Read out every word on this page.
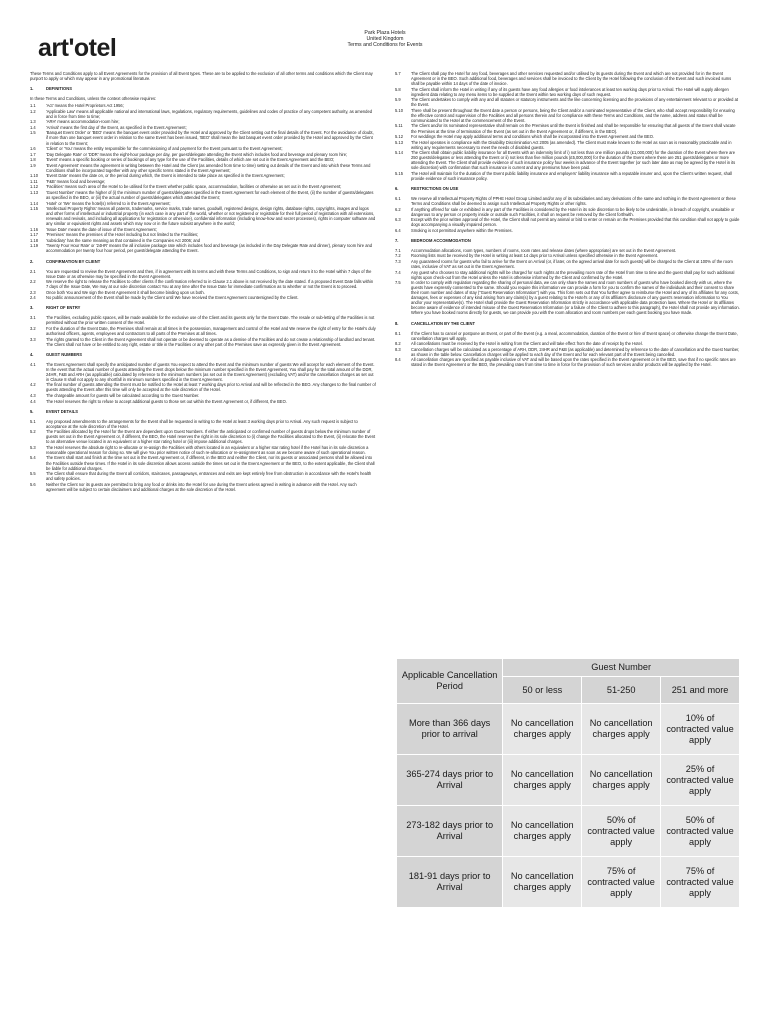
art'otel
Park Plaza Hotels
United Kingdom
Terms and Conditions for Events
These Terms and Conditions apply to all Event Agreements for the provision of all Event types. These are to be applied to the exclusion of all other terms and conditions which the Client may purport to apply or which may appear in any promotional literature.
1.	DEFINITIONS
In these Terms and Conditions, unless the context otherwise requires:
1.1	'Act' means the Hotel Proprietors Act 1956;
1.2	'Applicable Law' means all applicable national and international laws, regulations, regulatory requirements, guidelines and codes of practice of any competent authority, as amended and in force from time to time;
1.3	'ARH' means accommodation-room hire;
1.4	'Arrival' means the first day of the Event, as specified in the Event Agreement;
1.5	'Banquet Event Order' or 'BEO' means the banquet event order provided by the Hotel and approved by the Client setting out the final details of the Event. For the avoidance of doubt, if more than one banquet event order in relation to the same Event has been issued, 'BEO' shall mean the last banquet event order provided by the Hotel and approved by the Client in relation to the Event;
1.6	'Client' or 'You' means the entity responsible for the commissioning of and payment for the Event pursuant to the Event Agreement;
1.7	'Day Delegate Rate' or 'DDR' means the eight-hour package per day, per guest/delegate attending the Event which includes food and beverage and plenary room hire;
1.8	'Event' means a specific booking or series of bookings of any type for the use of the Facilities, details of which are set out in the Event Agreement and the BEO;
1.9	'Event Agreement' means the agreement in writing between the Hotel and the Client (as amended from time to time) setting out details of the Event and into which these Terms and Conditions shall be incorporated together with any other specific terms stated in the Event Agreement;
1.10	'Event Date' means the date on, or the period during which, the Event is intended to take place as specified in the Event Agreement;
1.11	'F&B' means food and beverage;
1.12	'Facilities' means such area of the Hotel to be utilised for the Event whether public space, accommodation, facilities or otherwise as set out in the Event Agreement;
1.13	'Guest Number' means the higher of (i) the minimum number of guests/delegates specified in the Event Agreement for each element of the Event, (ii) the number of guests/delegates as specified in the BEO, or (iii) the actual number of guests/delegates which attended the Event;
1.14	'Hotel' or 'We' means the hotel(s) referred to in the Event Agreement;
1.15	'Intellectual Property Rights' means all patents, trademarks, service marks, trade names, goodwill, registered designs, design rights, database rights, copyrights, images and logos and other forms of intellectual or industrial property (in each case in any part of the world, whether or not registered or registrable for their full period of registration with all extensions, renewals and revivals, and including all applications for registration or otherwise), confidential information (including know-how and secret processes), rights in computer software and any similar or equivalent rights and assets which may now or in the future subsist anywhere in the world;
1.16	'Issue Date' means the date of issue of the Event Agreement;
1.17	'Premises' means the premises of the Hotel including but not limited to the Facilities;
1.18	'subsidiary' has the same meaning as that contained in the Companies Act 2006; and
1.19	'Twenty Four Hour Rate' or '24HR' means the all inclusive package rate which includes food and beverage (as included in the Day Delegate Rate and dinner), plenary room hire and accommodation per twenty four hour period, per guest/delegate attending the Event.
2.	CONFIRMATION BY CLIENT
2.1	You are requested to review the Event Agreement and then, if in agreement with its terms and with these Terms and Conditions, to sign and return it to the Hotel within 7 days of the Issue Date or as otherwise may be specified in the Event Agreement.
2.2	We reserve the right to release the Facilities to other clients if the confirmation referred to in Clause 2.1 above is not received by the date stated. If a proposed Event Date falls within 7 days of the Issue Date, We may at our sole discretion contact You at any time after the Issue Date for immediate confirmation as to whether or not the Event is to proceed.
2.3	Once both You and We sign the Event Agreement it shall become binding upon us both.
2.4	No public announcement of the Event shall be made by the Client until We have received the Event Agreement countersigned by the Client.
3.	RIGHT OF ENTRY
3.1	The Facilities, excluding public spaces, will be made available for the exclusive use of the Client and its guests only for the Event Date. The resale or sub-letting of the Facilities is not permitted without the prior written consent of the Hotel.
3.2	For the duration of the Event Date, the Premises shall remain at all times in the possession, management and control of the Hotel and We reserve the right of entry for the Hotel's duly authorised officers, agents, employees and contractors to all parts of the Premises at all times.
3.3	The rights granted to the Client in the Event Agreement shall not operate or be deemed to operate as a demise of the Facilities and do not create a relationship of landlord and tenant. The Client shall not have or be entitled to any right, estate or title in the Facilities or any other part of the Premises save as expressly given in the Event Agreement.
4.	GUEST NUMBERS
4.1	The Event Agreement shall specify the anticipated number of guests You expect to attend the Event and the minimum number of guests We will accept for each element of the Event. In the event that the actual number of guests attending the Event drops below the minimum number specified in the Event Agreement, You shall pay for the total amount of the DDR, 24HR, F&B and ARH (as applicable) calculated by reference to the minimum numbers (as set out in the Event Agreement) (excluding VAT) and/or the cancellation charges as set out in Clause 8 shall not apply to any shortfall in minimum numbers specified in the Event Agreement.
4.2	The final number of guests attending the Event must be notified to the Hotel at least 7 working days prior to Arrival and will be reflected in the BEO. Any changes to the final number of guests attending the Event after this time will only be accepted at the sole discretion of the Hotel.
4.3	The chargeable amount for guests will be calculated according to the Guest Number.
4.4	The Hotel reserves the right to refuse to accept additional guests to those set out within the Event Agreement or, if different, the BEO.
5.	EVENT DETAILS
5.1	Any proposed amendments to the arrangements for the Event shall be requested in writing to the Hotel at least 3 working days prior to Arrival. Any such request is subject to acceptance at the sole discretion of the Hotel.
5.2	The Facilities allocated by the Hotel for the Event are dependent upon Guest Numbers. If either the anticipated or confirmed number of guests drops below the minimum number of guests set out in the Event Agreement or, if different, the BEO, the Hotel reserves the right in its sole discretion to (i) change the Facilities allocated to the Event, (ii) relocate the Event to an alternative venue located in an equivalent or a higher star rating hotel or (iii) impose additional charges.
5.3	The Hotel reserves the absolute right to re-allocate or re-assign the Facilities with others located in an equivalent or a higher star rating hotel if the Hotel has in its sole discretion a reasonable operational reason for doing so. We will give You prior written notice of such re-allocation or re-assignment as soon as we become aware of such operational reason.
5.4	The Event shall start and finish at the time set out in the Event Agreement or, if different, in the BEO and neither the Client, nor its guests or associated persons shall be allowed into the Facilities outside these times. If the Hotel in its sole discretion allows access outside the times set out in the Event Agreement or the BEO, to the extent applicable, the Client shall be liable for additional charges.
5.5	The Client shall ensure that during the Event all corridors, staircases, passageways, entrances and exits are kept entirely free from obstruction in accordance with the Hotel's health and safety policies.
5.6	Neither the Client nor its guests are permitted to bring any food or drinks into the Hotel for use during the Event unless agreed in writing in advance with the Hotel. Any such agreement will be subject to certain disclaimers and additional charges at the sole discretion of the Hotel.
5.7	The Client shall pay the Hotel for any food, beverages and other services requested and/or utilised by its guests during the Event and which are not provided for in the Event Agreement or in the BEO. Such additional food, beverages and services shall be invoiced to the Client by the Hotel following the conclusion of the Event and such invoiced sums shall be payable within 14 days of the date of invoice.
5.8	The Client shall inform the Hotel in writing if any of its guests have any food allergies or food intolerances at least ten working days prior to Arrival. The Hotel will supply allergen ingredient data relating to any menu items to be supplied at the Event within two working days of such request.
5.9	The Client undertakes to comply with any and all statutes or statutory instruments and the like concerning licensing and the provisions of any entertainment relevant to or provided at the Event.
5.10	There shall be present throughout the Event date a person or persons, being the Client and/or a nominated representative of the Client, who shall accept responsibility for ensuring the effective control and supervision of the Facilities and all persons therein and for compliance with these Terms and Conditions, and the name, address and status shall be communicated to the Hotel at the commencement of the Event.
5.11	The Client and/or its nominated representative shall remain on the Premises until the Event is finished and shall be responsible for ensuring that all guests of the Event shall vacate the Premises at the time of termination of the Event (as set out in the Event Agreement or, if different, in the BEO).
5.12	For weddings the Hotel may apply additional terms and conditions which shall be incorporated into the Event Agreement and the BEO.
5.13	The Hotel operates in compliance with the Disability Discrimination Act 2005 (as amended). The Client must make known to the Hotel as soon as is reasonably practicable and in writing any requirements necessary to meet the needs of disabled guests.
5.14	The Client shall obtain public liability insurance for all Events with an indemnity limit of i) not less than one million pounds (£1,000,000) for the duration of the Event where there are 250 guests/delegates or less attending the Event or ii) not less than five million pounds (£5,000,000) for the duration of the Event where there are 251 guests/delegates or more attending the Event. The Client shall provide evidence of such insurance policy four weeks in advance of the Event together (or such later date as may be agreed by the Hotel in its sole discretion) with confirmation that such insurance is current and any premiums have been paid.
5.15	The Hotel will maintain for the duration of the Event public liability insurance and employers' liability insurance with a reputable insurer and, upon the Client's written request, shall provide evidence of such insurance policy.
6.	RESTRICTIONS ON USE
6.1	We reserve all Intellectual Property Rights of PPHE Hotel Group Limited and/or any of its subsidiaries and any derivations of the same and nothing in the Event Agreement or these Terms and Conditions shall be deemed to assign such Intellectual Property Rights or other rights.
6.2	If anything offered for sale or exhibited in any part of the Facilities is considered by the Hotel in its sole discretion to be likely to be undesirable, in breach of copyright, unsuitable or dangerous to any person or property inside or outside such Facilities, it shall on request be removed by the Client forthwith.
6.3	Except with the prior written approval of the Hotel, the Client shall not permit any animal or bird to enter or remain on the Premises provided that this condition shall not apply to guide dogs accompanying a visually impaired person.
6.4	Smoking is not permitted anywhere within the Premises.
7.	BEDROOM ACCOMMODATION
7.1	Accommodation allocations, room types, numbers of rooms, room rates and release dates (where appropriate) are set out in the Event Agreement.
7.2	Rooming lists must be received by the Hotel in writing at least 14 days prior to Arrival unless specified otherwise in the Event Agreement.
7.3	Any guaranteed rooms for guests who fail to arrive for the Event on Arrival (or, if later, on the agreed arrival date for such guests) will be charged to the Client at 100% of the room rates, inclusive of VAT as set out in the Event Agreement.
7.4	Any guest who chooses to stay additional nights will be charged for such nights at the prevailing room rate of the Hotel from time to time and the guest shall pay for such additional nights upon check-out from the Hotel unless the Hotel is otherwise informed by the Client and confirmed by the Hotel.
7.5	In order to comply with regulation regarding the sharing of personal data, we can only share the names and room numbers of guests who have booked directly with us, where the guests have expressly consented to the same. Should you require this information we can provide a form for you to confirm the names of the individuals and their consent to share their room number and dates of stay ("Guest Reservation Information") with you. This form sets out that You further agree to reimburse the Hotel and any of its affiliates for any costs, damages, fees or expenses of any kind arising from any claim(s) by a guest relating to the Hotel's or any of its affiliate's disclosure of any guest's reservation information to You and/or your representative(s). The Hotel shall provide the Guest Reservation Information strictly in accordance with applicable data protection laws. Where the Hotel or its affiliates become aware of evidence of intended misuse of the Guest Reservation Information (or a failure of the Client to adhere to this paragraph), the Hotel shall not provide any information. Where you have booked rooms directly for guests, we can provide you with the room allocation and room numbers per each guest booking you have made.
8.	CANCELLATION BY THE CLIENT
8.1	If the Client has to cancel or postpone an Event, or part of the Event (e.g. a meal, accommodation, duration of the Event or hire of Event space) or otherwise change the Event Date, cancellation charges will apply.
8.2	All cancellations must be received by the Hotel in writing from the Client and will take effect from the date of receipt by the Hotel.
8.3	Cancellation charges will be calculated as a percentage of ARH, DDR, 24HR and F&B (as applicable) and determined by reference to the date of cancellation and the Guest Number, as shown in the table below. Cancellation charges will be applied to each day of the Event and for each relevant part of the Event being cancelled.
8.4	All cancellation charges are specified as payable inclusive of VAT and will be based upon the rates specified in the Event Agreement or in the BEO, save that if no specific rates are stated in the Event Agreement or the BEO, the prevailing rates from time to time in force for the provision of such services and/or products will be applied by the Hotel.
Applicable Cancellation Period	Guest Number		
	50 or less	51-250	251 and more
More than 366 days prior to arrival	No cancellation charges apply	No cancellation charges apply	10% of contracted value apply
365-274 days prior to Arrival	No cancellation charges apply	No cancellation charges apply	25% of contracted value apply
273-182 days prior to Arrival	No cancellation charges apply	50% of contracted value apply	50% of contracted value apply
181-91 days prior to Arrival	No cancellation charges apply	75% of contracted value apply	75% of contracted value apply
